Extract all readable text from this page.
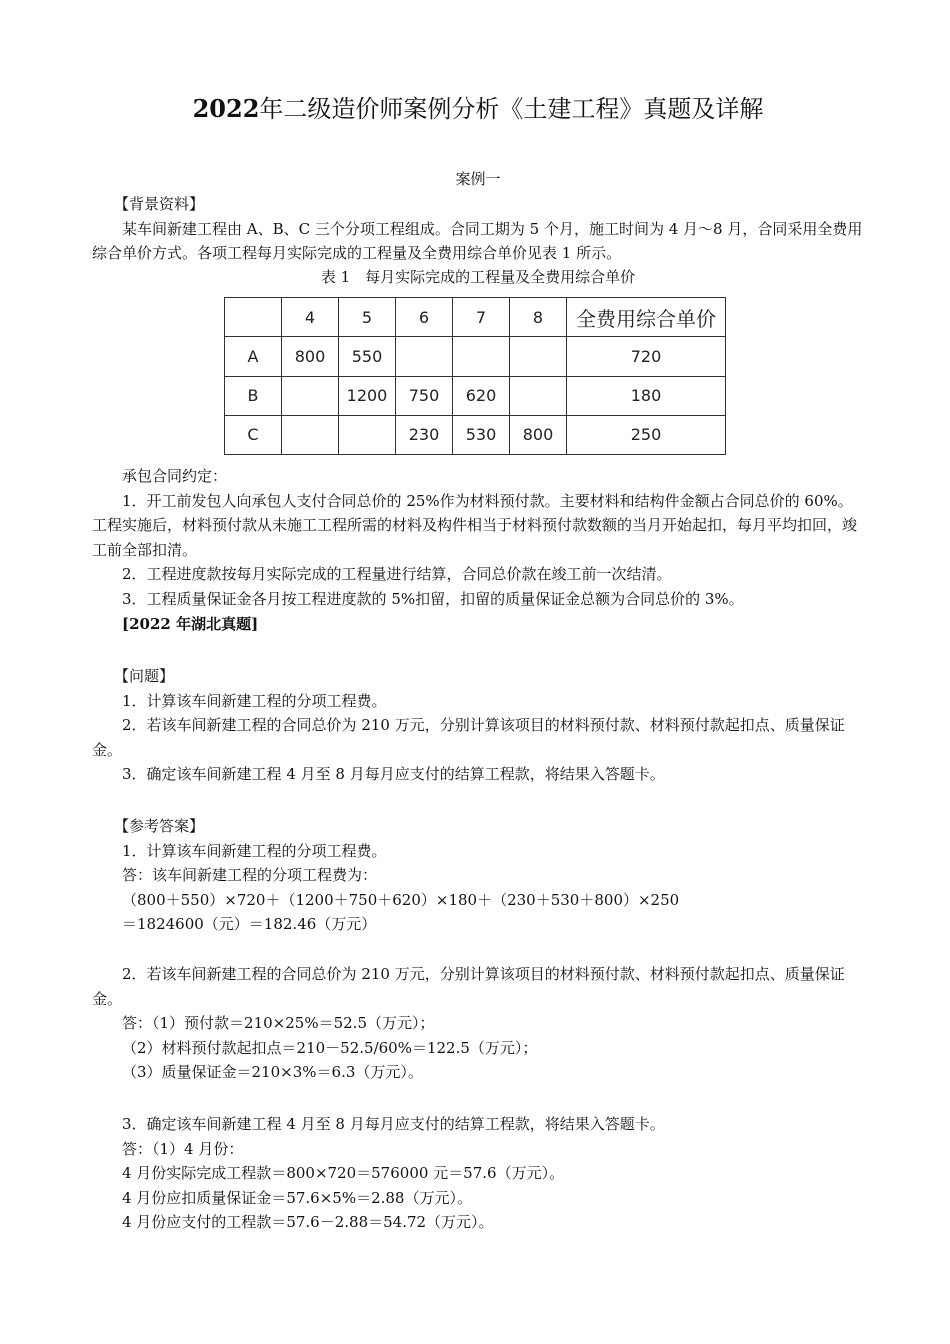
2022年二级造价师案例分析《土建工程》真题及详解
案例一

【背景资料】

某车间新建工程由 A、B、C 三个分项工程组成。合同工期为 5 个月，施工时间为 4 月～8 月，合同采用全费用综合单价方式。各项工程每月实际完成的工程量及全费用综合单价见表 1 所示。

表 1　每月实际完成的工程量及全费用综合单价
	4	5	6	7	8	全费用综合单价
A	800	550				720
B		1200	750	620		180
C			230	530	800	250

承包合同约定：

1．开工前发包人向承包人支付合同总价的 25%作为材料预付款。主要材料和结构件金额占合同总价的 60%。工程实施后，材料预付款从未施工工程所需的材料及构件相当于材料预付款数额的当月开始起扣，每月平均扣回，竣工前全部扣清。

2．工程进度款按每月实际完成的工程量进行结算，合同总价款在竣工前一次结清。

3．工程质量保证金各月按工程进度款的 5%扣留，扣留的质量保证金总额为合同总价的 3%。

[2022 年湖北真题]

【问题】

1．计算该车间新建工程的分项工程费。

2．若该车间新建工程的合同总价为 210 万元，分别计算该项目的材料预付款、材料预付款起扣点、质量保证金。

3．确定该车间新建工程 4 月至 8 月每月应支付的结算工程款，将结果入答题卡。

【参考答案】

1．计算该车间新建工程的分项工程费。

答：该车间新建工程的分项工程费为：

（800＋550）×720＋（1200＋750＋620）×180＋（230＋530＋800）×250

＝1824600（元）＝182.46（万元）

2．若该车间新建工程的合同总价为 210 万元，分别计算该项目的材料预付款、材料预付款起扣点、质量保证金。

答：（1）预付款＝210×25%＝52.5（万元）；

（2）材料预付款起扣点＝210－52.5/60%＝122.5（万元）；

（3）质量保证金＝210×3%＝6.3（万元）。

3．确定该车间新建工程 4 月至 8 月每月应支付的结算工程款，将结果入答题卡。

答：（1）4 月份：

4 月份实际完成工程款＝800×720＝576000 元＝57.6（万元）。

4 月份应扣质量保证金＝57.6×5%＝2.88（万元）。

4 月份应支付的工程款＝57.6－2.88＝54.72（万元）。
